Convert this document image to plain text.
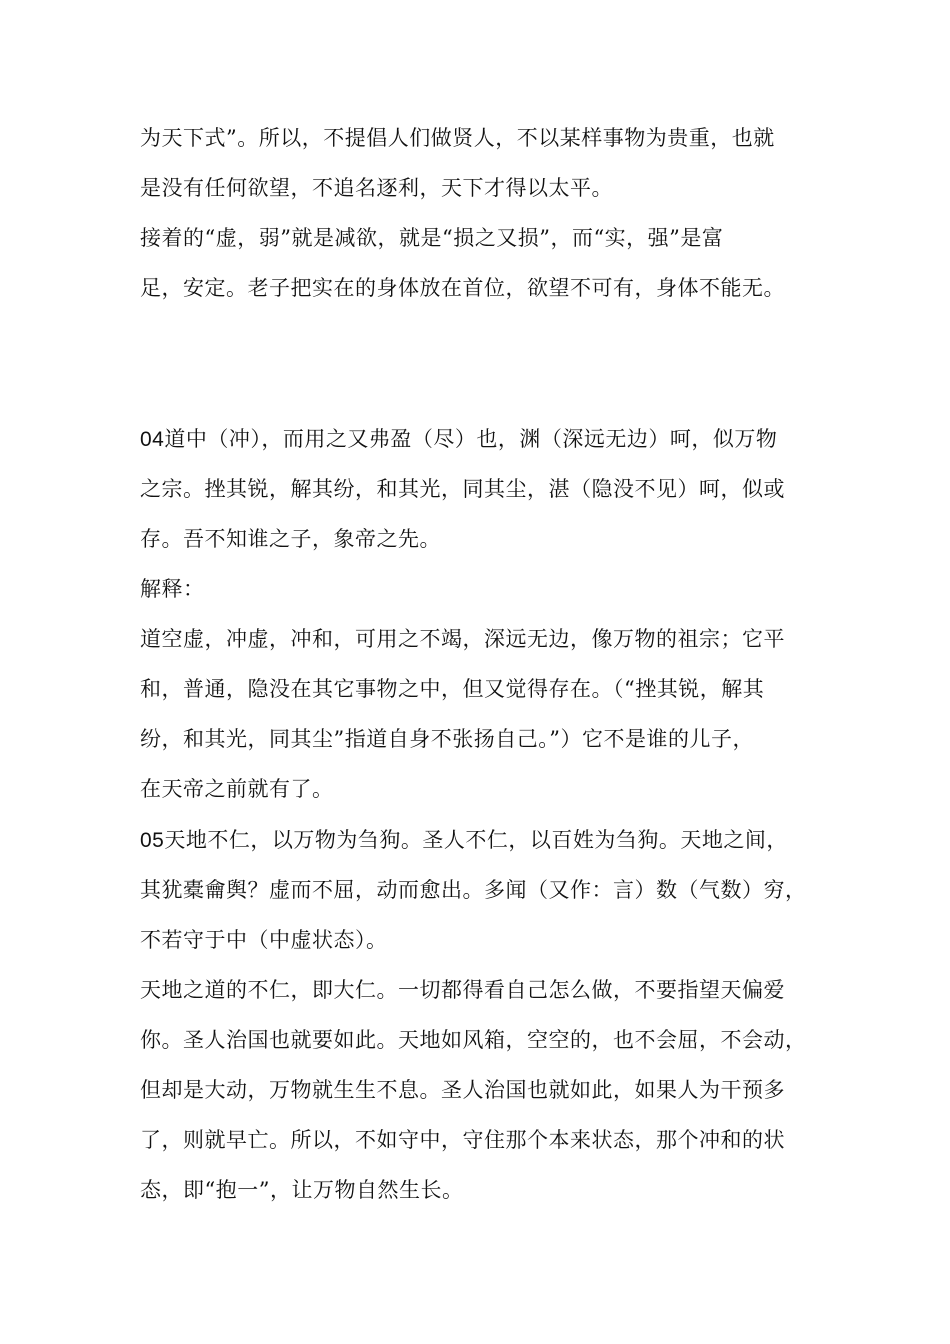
为天下式”。所以，不提倡人们做贤人，不以某样事物为贵重，也就
是没有任何欲望，不追名逐利，天下才得以太平。
接着的“虚，弱”就是减欲，就是“损之又损”，而“实，强”是富
足，安定。老子把实在的身体放在首位，欲望不可有，身体不能无。
04道中（冲），而用之又弗盈（尽）也，渊（深远无边）呵，似万物
之宗。挫其锐，解其纷，和其光，同其尘，湛（隐没不见）呵，似或
存。吾不知谁之子，象帝之先。
解释：
道空虚，冲虚，冲和，可用之不竭，深远无边，像万物的祖宗；它平
和，普通，隐没在其它事物之中，但又觉得存在。（“挫其锐，解其
纷，和其光，同其尘”指道自身不张扬自己。”）它不是谁的儿子，
在天帝之前就有了。
05天地不仁，以万物为刍狗。圣人不仁，以百姓为刍狗。天地之间，
其犹橐龠舆？虚而不屈，动而愈出。多闻（又作：言）数（气数）穷，
不若守于中（中虚状态）。
天地之道的不仁，即大仁。一切都得看自己怎么做，不要指望天偏爱
你。圣人治国也就要如此。天地如风箱，空空的，也不会屈，不会动，
但却是大动，万物就生生不息。圣人治国也就如此，如果人为干预多
了，则就早亡。所以，不如守中，守住那个本来状态，那个冲和的状
态，即“抱一”，让万物自然生长。
